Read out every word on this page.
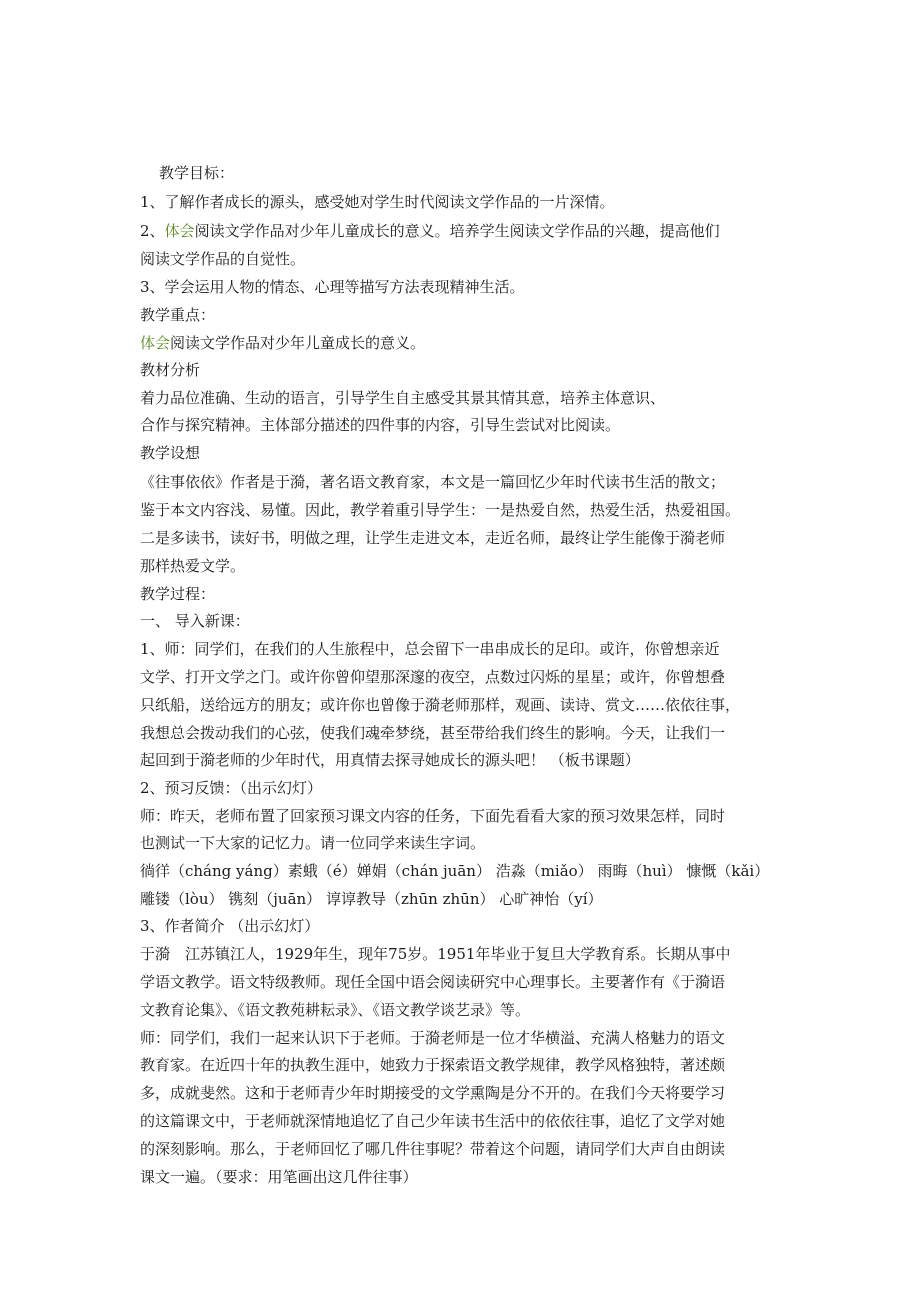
教学目标：
1、了解作者成长的源头，感受她对学生时代阅读文学作品的一片深情。
2、体会阅读文学作品对少年儿童成长的意义。培养学生阅读文学作品的兴趣，提高他们
阅读文学作品的自觉性。
3、学会运用人物的情态、心理等描写方法表现精神生活。
教学重点：
体会阅读文学作品对少年儿童成长的意义。
教材分析
着力品位准确、生动的语言，引导学生自主感受其景其情其意，培养主体意识、
合作与探究精神。主体部分描述的四件事的内容，引导生尝试对比阅读。
教学设想
《往事依依》作者是于漪，著名语文教育家，本文是一篇回忆少年时代读书生活的散文；
鉴于本文内容浅、易懂。因此，教学着重引导学生：一是热爱自然，热爱生活，热爱祖国。
二是多读书，读好书，明做之理，让学生走进文本，走近名师，最终让学生能像于漪老师
那样热爱文学。
教学过程：
一、 导入新课：
1、师：同学们，在我们的人生旅程中，总会留下一串串成长的足印。或许，你曾想亲近
文学、打开文学之门。或许你曾仰望那深邃的夜空，点数过闪烁的星星；或许，你曾想叠
只纸船，送给远方的朋友；或许你也曾像于漪老师那样，观画、读诗、赏文……依依往事，
我想总会拨动我们的心弦，使我们魂牵梦绕，甚至带给我们终生的影响。今天，让我们一
起回到于漪老师的少年时代，用真情去探寻她成长的源头吧！ （板书课题）
2、预习反馈：（出示幻灯）
师：昨天，老师布置了回家预习课文内容的任务，下面先看看大家的预习效果怎样，同时
也测试一下大家的记忆力。请一位同学来读生字词。
徜徉（cháng yáng）素蛾（é）婵娟（chán juān） 浩淼（miǎo） 雨晦（huì） 慷慨（kǎi）
雕镂（lòu） 镌刻（juān） 谆谆教导（zhūn zhūn） 心旷神怡（yí）
3、作者简介 （出示幻灯）
于漪　江苏镇江人，1929年生，现年75岁。1951年毕业于复旦大学教育系。长期从事中
学语文教学。语文特级教师。现任全国中语会阅读研究中心理事长。主要著作有《于漪语
文教育论集》、《语文教苑耕耘录》、《语文教学谈艺录》等。
师：同学们，我们一起来认识下于老师。于漪老师是一位才华横溢、充满人格魅力的语文
教育家。在近四十年的执教生涯中，她致力于探索语文教学规律，教学风格独特，著述颇
多，成就斐然。这和于老师青少年时期接受的文学熏陶是分不开的。在我们今天将要学习
的这篇课文中，于老师就深情地追忆了自己少年读书生活中的依依往事，追忆了文学对她
的深刻影响。那么，于老师回忆了哪几件往事呢？带着这个问题，请同学们大声自由朗读
课文一遍。（要求：用笔画出这几件往事）
